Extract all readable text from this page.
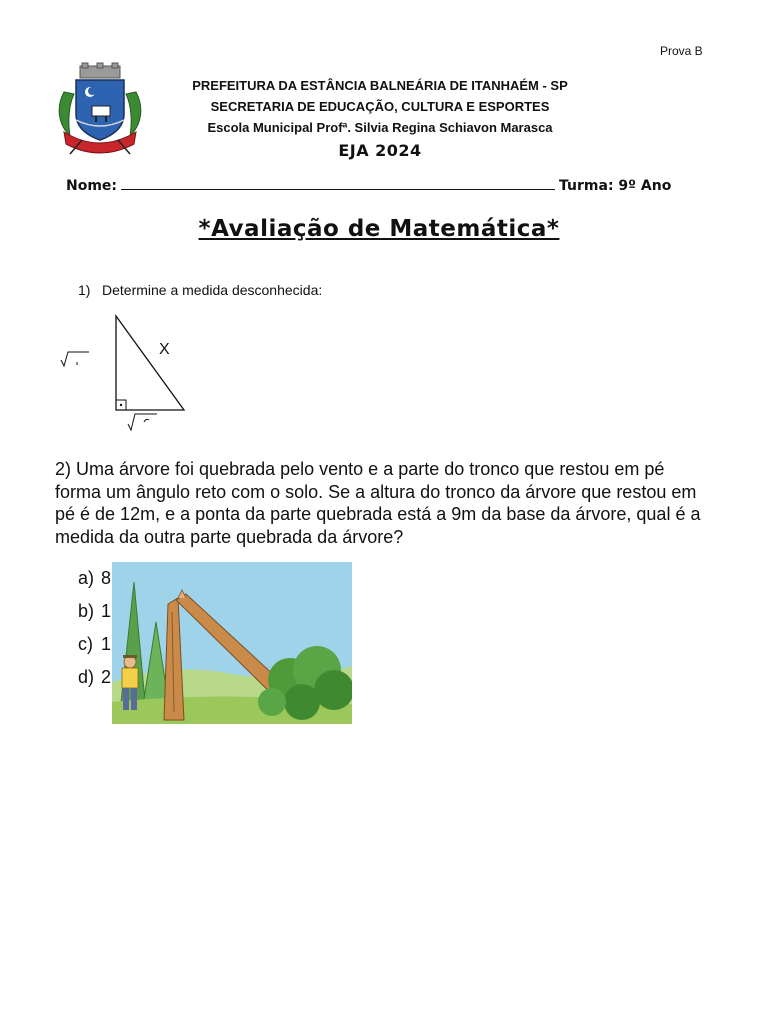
Prova B
PREFEITURA DA ESTÂNCIA BALNEÁRIA DE ITANHAÉM - SP
SECRETARIA DE EDUCAÇÃO, CULTURA E ESPORTES
Escola Municipal Profª. Silvia Regina Schiavon Marasca
EJA 2024
Nome:	Turma: 9º Ano
*Avaliação de Matemática*
1) Determine a medida desconhecida:
X
2) Uma árvore foi quebrada pelo vento e a parte do tronco que restou em pé forma um ângulo reto com o solo. Se a altura do tronco da árvore que restou em pé é de 12m, e a ponta da parte quebrada está a 9m da base da árvore, qual é a medida da outra parte quebrada da árvore?
a) 8
b) 1
c) 1
d) 2
